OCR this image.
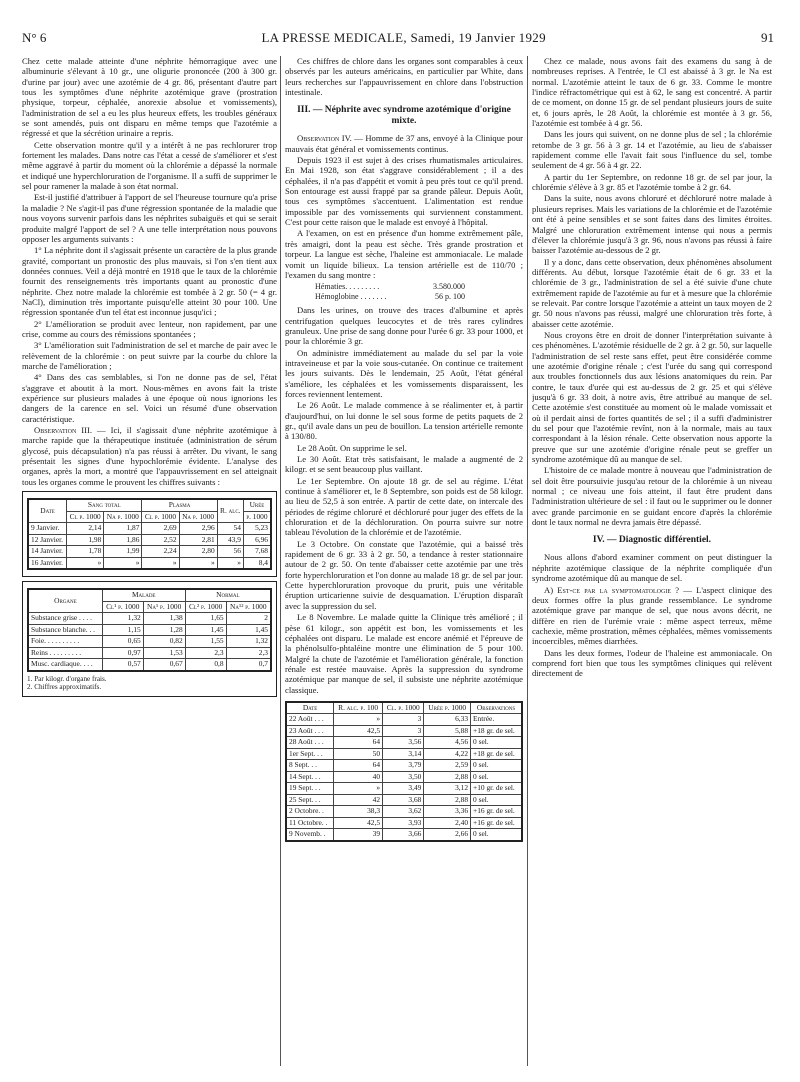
N° 6	LA PRESSE MEDICALE, Samedi, 19 Janvier 1929	91

Chez cette malade atteinte d'une néphrite hémorragique avec une albuminurie s'élevant à 10 gr., une oligurie prononcée (200 à 300 gr. d'urine par jour) avec une azotémie de 4 gr. 86, présentant d'autre part tous les symptômes d'une néphrite azotémique grave (prostration physique, torpeur, céphalée, anorexie absolue et vomissements), l'administration de sel a eu les plus heureux effets, les troubles généraux se sont amendés, puis ont disparu en même temps que l'azotémie a régressé et que la sécrétion urinaire a repris.

Cette observation montre qu'il y a intérêt à ne pas rechlorurer trop fortement les malades. Dans notre cas l'état a cessé de s'améliorer et s'est même aggravé à partir du moment où la chlorémie a dépassé la normale et indiqué une hyperchloruration de l'organisme. Il a suffi de supprimer le sel pour ramener la malade à son état normal.

Est-il justifié d'attribuer à l'apport de sel l'heureuse tournure qu'a prise la maladie ? Ne s'agit-il pas d'une régression spontanée de la maladie que nous voyons survenir parfois dans les néphrites subaiguës et qui se serait produite malgré l'apport de sel ? A une telle interprétation nous pouvons opposer les arguments suivants :

1° La néphrite dont il s'agissait présente un caractère de la plus grande gravité, comportant un pronostic des plus mauvais, si l'on s'en tient aux données connues. Veil a déjà montré en 1918 que le taux de la chlorémie fournit des renseignements très importants quant au pronostic d'une néphrite. Chez notre malade la chlorémie est tombée à 2 gr. 50 (= 4 gr. NaCl), diminution très importante puisqu'elle atteint 30 pour 100. Une régression spontanée d'un tel état est inconnue jusqu'ici ;

2° L'amélioration se produit avec lenteur, non rapidement, par une crise, comme au cours des rémissions spontanées ;

3° L'amélioration suit l'administration de sel et marche de pair avec le relèvement de la chlorémie : on peut suivre par la courbe du chlore la marche de l'amélioration ;

4° Dans des cas semblables, si l'on ne donne pas de sel, l'état s'aggrave et aboutit à la mort. Nous-mêmes en avons fait la triste expérience sur plusieurs malades à une époque où nous ignorions les dangers de la carence en sel. Voici un résumé d'une observation caractéristique.

Observation III. — Ici, il s'agissait d'une néphrite azotémique à marche rapide que la thérapeutique instituée (administration de sérum glycosé, puis décapsulation) n'a pas réussi à arrêter. Du vivant, le sang présentait les signes d'une hypochlorémie évidente. L'analyse des organes, après la mort, a montré que l'appauvrissement en sel atteignait tous les organes comme le prouvent les chiffres suivants :

Date	Sang total		Plasma		R. alc.	Urée
	Cl p. 1000	Na p. 1000	Cl p. 1000	Na p. 1000		p. 1000
9 Janvier.	2,14	1,87	2,69	2,96	54	5,23
12 Janvier.	1,98	1,86	2,52	2,81	43,9	6,96
14 Janvier.	1,78	1,99	2,24	2,80	56	7,68
16 Janvier.	»	»	»	»	»	8,4
Organe	Malade		Normal	
	Cl¹ p. 1000	Na¹ p. 1000	Cl² p. 1000	Na¹² p. 1000
Substance grise . . . .	1,32	1,38	1,65	2
Substance blanche. . .	1,15	1,28	1,45	1,45
Foie. . . . . . . . . .	0,65	0,82	1,55	1,32
Reins . . . . . . . . .	0,97	1,53	2,3	2,3
Musc. cardiaque. . . .	0,57	0,67	0,8	0,7
1. Par kilogr. d'organe frais.
2. Chiffres approximatifs.

Ces chiffres de chlore dans les organes sont comparables à ceux observés par les auteurs américains, en particulier par White, dans leurs recherches sur l'appauvrissement en chlore dans l'obstruction intestinale.

III. — Néphrite avec syndrome azotémique d'origine mixte.

Observation IV. — Homme de 37 ans, envoyé à la Clinique pour mauvais état général et vomissements continus.

Depuis 1923 il est sujet à des crises rhumatismales articulaires. En Mai 1928, son état s'aggrave considérablement ; il a des céphalées, il n'a pas d'appétit et vomit à peu près tout ce qu'il prend. Son entourage est aussi frappé par sa grande pâleur. Depuis Août, tous ces symptômes s'accentuent. L'alimentation est rendue impossible par des vomissements qui surviennent constamment. C'est pour cette raison que le malade est envoyé à l'hôpital.

A l'examen, on est en présence d'un homme extrêmement pâle, très amaigri, dont la peau est sèche. Très grande prostration et torpeur. La langue est sèche, l'haleine est ammoniacale. Le malade vomit un liquide bilieux. La tension artérielle est de 110/70 ; l'examen du sang montre :

Hématies. . . . . . . . .	3.580.000
Hémoglobine . . . . . . .	56 p. 100

Dans les urines, on trouve des traces d'albumine et après centrifugation quelques leucocytes et de très rares cylindres granuleux. Une prise de sang donne pour l'urée 6 gr. 33 pour 1000, et pour la chlorémie 3 gr.

On administre immédiatement au malade du sel par la voie intraveineuse et par la voie sous-cutanée. On continue ce traitement les jours suivants. Dès le lendemain, 25 Août, l'état général s'améliore, les céphalées et les vomissements disparaissent, les forces reviennent lentement.

Le 26 Août. Le malade commence à se réalimenter et, à partir d'aujourd'hui, on lui donne le sel sous forme de petits paquets de 2 gr., qu'il avale dans un peu de bouillon. La tension artérielle remonte à 130/80.

Le 28 Août. On supprime le sel.

Le 30 Août. Etat très satisfaisant, le malade a augmenté de 2 kilogr. et se sent beaucoup plus vaillant.

Le 1er Septembre. On ajoute 18 gr. de sel au régime. L'état continue à s'améliorer et, le 8 Septembre, son poids est de 58 kilogr. au lieu de 52,5 à son entrée. A partir de cette date, on intercale des périodes de régime chloruré et déchloruré pour juger des effets de la chloruration et de la déchloruration. On pourra suivre sur notre tableau l'évolution de la chlorémie et de l'azotémie.

Le 3 Octobre. On constate que l'azotémie, qui a baissé très rapidement de 6 gr. 33 à 2 gr. 50, a tendance à rester stationnaire autour de 2 gr. 50. On tente d'abaisser cette azotémie par une très forte hyperchloruration et l'on donne au malade 18 gr. de sel par jour. Cette hyperchloruration provoque du prurit, puis une véritable éruption urticarienne suivie de desquamation. L'éruption disparaît avec la suppression du sel.

Le 8 Novembre. Le malade quitte la Clinique très amélioré ; il pèse 61 kilogr., son appétit est bon, les vomissements et les céphalées ont disparu. Le malade est encore anémié et l'épreuve de la phénolsulfo-phtaléine montre une élimination de 5 pour 100. Malgré la chute de l'azotémie et l'amélioration générale, la fonction rénale est restée mauvaise. Après la suppression du syndrome azotémique par manque de sel, il subsiste une néphrite azotémique classique.

Date	R. alc. p. 100	Cl. p. 1000	Urée p. 1000	Observations
22 Août . . .	»	3	6,33	Entrée.
23 Août . . .	42,5	3	5,88	+18 gr. de sel.
28 Août . . .	64	3,56	4,56	0 sel.
1er Sept. . .	50	3,14	4,22	+18 gr. de sel.
8 Sept. . .	64	3,79	2,59	0 sel.
14 Sept. . .	40	3,50	2,88	0 sel.
19 Sept. . .	»	3,49	3,12	+10 gr. de sel.
25 Sept. . .	42	3,68	2,88	0 sel.
2 Octobre. .	38,3	3,62	3,36	+16 gr. de sel.
11 Octobre. .	42,5	3,93	2,40	+16 gr. de sel.
9 Novemb. .	39	3,66	2,66	0 sel.

Chez ce malade, nous avons fait des examens du sang à de nombreuses reprises. A l'entrée, le Cl est abaissé à 3 gr. le Na est normal. L'azotémie atteint le taux de 6 gr. 33. Comme le montre l'indice réfractométrique qui est à 62, le sang est concentré. A partir de ce moment, on donne 15 gr. de sel pendant plusieurs jours de suite et, 6 jours après, le 28 Août, la chlorémie est montée à 3 gr. 56, l'azotémie est tombée à 4 gr. 56.

Dans les jours qui suivent, on ne donne plus de sel ; la chlorémie retombe de 3 gr. 56 à 3 gr. 14 et l'azotémie, au lieu de s'abaisser rapidement comme elle l'avait fait sous l'influence du sel, tombe seulement de 4 gr. 56 à 4 gr. 22.

A partir du 1er Septembre, on redonne 18 gr. de sel par jour, la chlorémie s'élève à 3 gr. 85 et l'azotémie tombe à 2 gr. 64.

Dans la suite, nous avons chloruré et déchloruré notre malade à plusieurs reprises. Mais les variations de la chlorémie et de l'azotémie ont été à peine sensibles et se sont faites dans des limites étroites. Malgré une chloruration extrêmement intense qui nous a permis d'élever la chlorémie jusqu'à 3 gr. 96, nous n'avons pas réussi à faire baisser l'azotémie au-dessous de 2 gr.

Il y a donc, dans cette observation, deux phénomènes absolument différents. Au début, lorsque l'azotémie était de 6 gr. 33 et la chlorémie de 3 gr., l'administration de sel a été suivie d'une chute extrêmement rapide de l'azotémie au fur et à mesure que la chlorémie se relevait. Par contre lorsque l'azotémie a atteint un taux moyen de 2 gr. 50 nous n'avons pas réussi, malgré une chloruration très forte, à abaisser cette azotémie.

Nous croyons être en droit de donner l'interprétation suivante à ces phénomènes. L'azotémie résiduelle de 2 gr. à 2 gr. 50, sur laquelle l'administration de sel reste sans effet, peut être considérée comme une azotémie d'origine rénale ; c'est l'urée du sang qui correspond aux troubles fonctionnels dus aux lésions anatomiques du rein. Par contre, le taux d'urée qui est au-dessus de 2 gr. 25 et qui s'élève jusqu'à 6 gr. 33 doit, à notre avis, être attribué au manque de sel. Cette azotémie s'est constituée au moment où le malade vomissait et où il perdait ainsi de fortes quantités de sel ; il a suffi d'administrer du sel pour que l'azotémie revînt, non à la normale, mais au taux correspondant à la lésion rénale. Cette observation nous apporte la preuve que sur une azotémie d'origine rénale peut se greffer un syndrome azotémique dû au manque de sel.

L'histoire de ce malade montre à nouveau que l'administration de sel doit être poursuivie jusqu'au retour de la chlorémie à un niveau normal ; ce niveau une fois atteint, il faut être prudent dans l'administration ultérieure de sel : il faut ou le supprimer ou le donner avec grande parcimonie en se guidant encore d'après la chlorémie dont le taux normal ne devra jamais être dépassé.

IV. — Diagnostic différentiel.

Nous allons d'abord examiner comment on peut distinguer la néphrite azotémique classique de la néphrite compliquée d'un syndrome azotémique dû au manque de sel.

A) Est-ce par la symptomatologie ? — L'aspect clinique des deux formes offre la plus grande ressemblance. Le syndrome azotémique grave par manque de sel, que nous avons décrit, ne diffère en rien de l'urémie vraie : même aspect terreux, même cachexie, même prostration, mêmes céphalées, mêmes vomissements incoercibles, mêmes diarrhées.

Dans les deux formes, l'odeur de l'haleine est ammoniacale. On comprend fort bien que tous les symptômes cliniques qui relèvent directement de
